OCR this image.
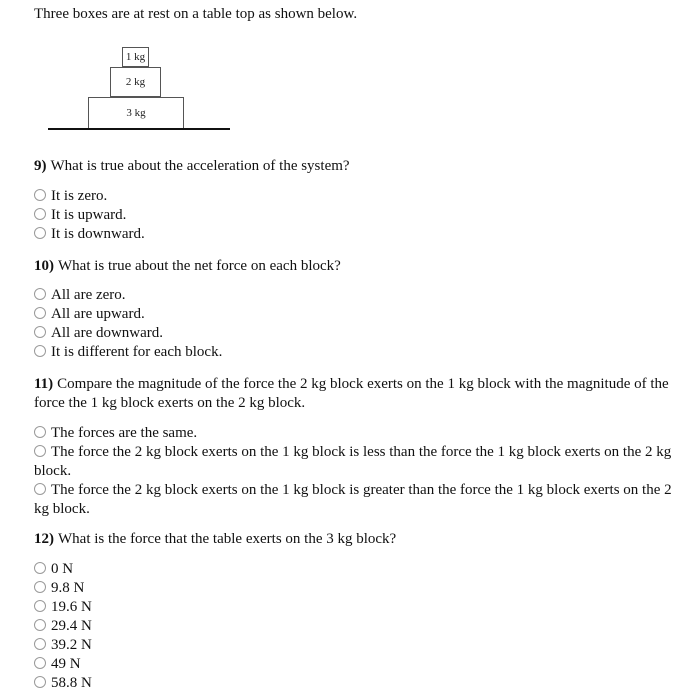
Three boxes are at rest on a table top as shown below.
1 kg
2 kg
3 kg
9) What is true about the acceleration of the system?
It is zero.
It is upward.
It is downward.
10) What is true about the net force on each block?
All are zero.
All are upward.
All are downward.
It is different for each block.
11) Compare the magnitude of the force the 2 kg block exerts on the 1 kg block with the magnitude of the force the 1 kg block exerts on the 2 kg block.
The forces are the same.
The force the 2 kg block exerts on the 1 kg block is less than the force the 1 kg block exerts on the 2 kg block.
The force the 2 kg block exerts on the 1 kg block is greater than the force the 1 kg block exerts on the 2 kg block.
12) What is the force that the table exerts on the 3 kg block?
0 N
9.8 N
19.6 N
29.4 N
39.2 N
49 N
58.8 N
